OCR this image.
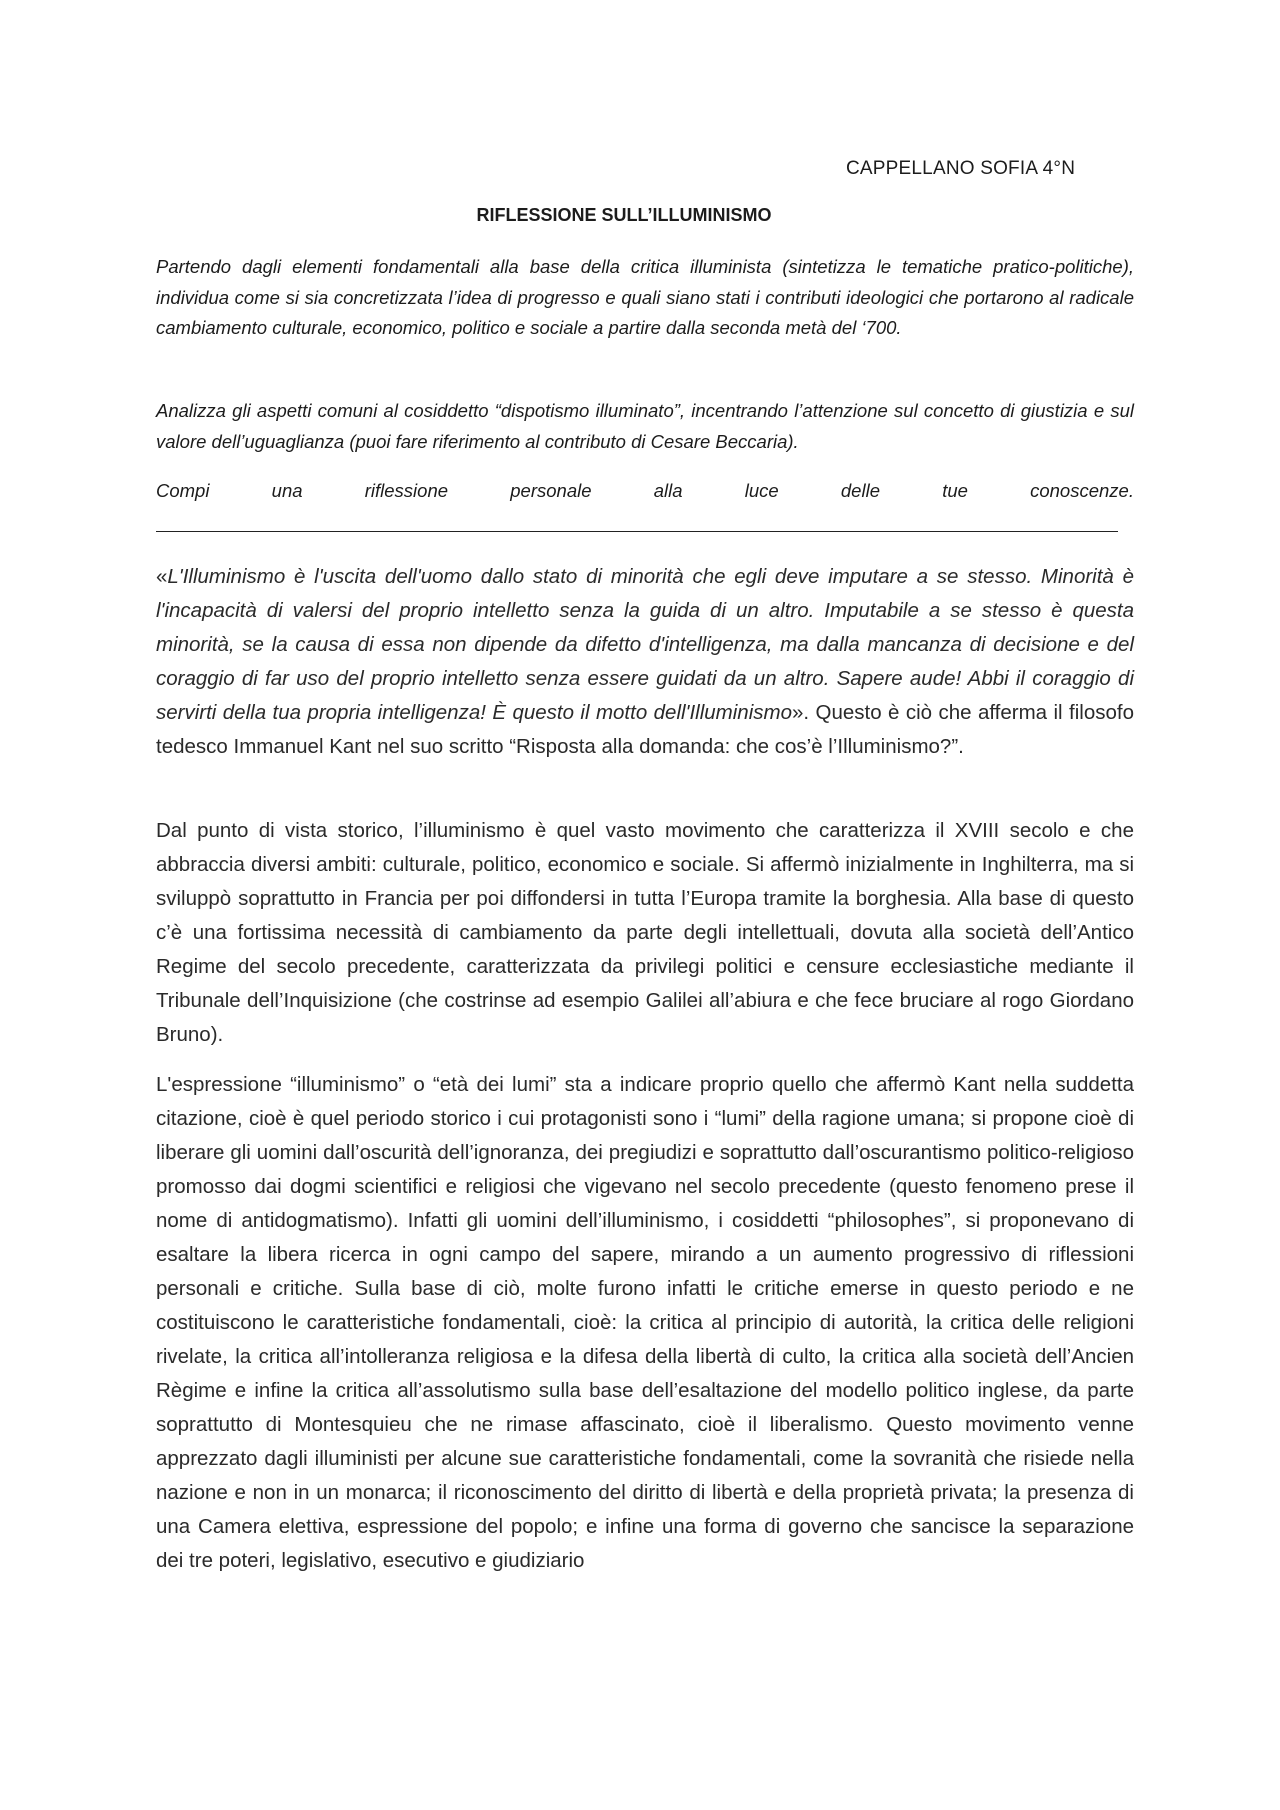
CAPPELLANO SOFIA 4°N
RIFLESSIONE SULL’ILLUMINISMO

Partendo dagli elementi fondamentali alla base della critica illuminista (sintetizza le tematiche pratico-politiche), individua come si sia concretizzata l’idea di progresso e quali siano stati i contributi ideologici che portarono al radicale cambiamento culturale, economico, politico e sociale a partire dalla seconda metà del ‘700.

Analizza gli aspetti comuni al cosiddetto “dispotismo illuminato”, incentrando l’attenzione sul concetto di giustizia e sul valore dell’uguaglianza (puoi fare riferimento al contributo di Cesare Beccaria).

Compi	una	riflessione	personale	alla	luce	delle	tue	conoscenze.

«L'Illuminismo è l'uscita dell'uomo dallo stato di minorità che egli deve imputare a se stesso. Minorità è l'incapacità di valersi del proprio intelletto senza la guida di un altro. Imputabile a se stesso è questa minorità, se la causa di essa non dipende da difetto d'intelligenza, ma dalla mancanza di decisione e del coraggio di far uso del proprio intelletto senza essere guidati da un altro. Sapere aude! Abbi il coraggio di servirti della tua propria intelligenza! È questo il motto dell'Illuminismo». Questo è ciò che afferma il filosofo tedesco Immanuel Kant nel suo scritto “Risposta alla domanda: che cos’è l’Illuminismo?”.

Dal punto di vista storico, l’illuminismo è quel vasto movimento che caratterizza il XVIII secolo e che abbraccia diversi ambiti: culturale, politico, economico e sociale. Si affermò inizialmente in Inghilterra, ma si sviluppò soprattutto in Francia per poi diffondersi in tutta l’Europa tramite la borghesia. Alla base di questo c’è una fortissima necessità di cambiamento da parte degli intellettuali, dovuta alla società dell’Antico Regime del secolo precedente, caratterizzata da privilegi politici e censure ecclesiastiche mediante il Tribunale dell’Inquisizione (che costrinse ad esempio Galilei all’abiura e che fece bruciare al rogo Giordano Bruno).

L'espressione “illuminismo” o “età dei lumi” sta a indicare proprio quello che affermò Kant nella suddetta citazione, cioè è quel periodo storico i cui protagonisti sono i “lumi” della ragione umana; si propone cioè di liberare gli uomini dall’oscurità dell’ignoranza, dei pregiudizi e soprattutto dall’oscurantismo politico-religioso promosso dai dogmi scientifici e religiosi che vigevano nel secolo precedente (questo fenomeno prese il nome di antidogmatismo). Infatti gli uomini dell’illuminismo, i cosiddetti “philosophes”, si proponevano di esaltare la libera ricerca in ogni campo del sapere, mirando a un aumento progressivo di riflessioni personali e critiche. Sulla base di ciò, molte furono infatti le critiche emerse in questo periodo e ne costituiscono le caratteristiche fondamentali, cioè: la critica al principio di autorità, la critica delle religioni rivelate, la critica all’intolleranza religiosa e la difesa della libertà di culto, la critica alla società dell’Ancien Règime e infine la critica all’assolutismo sulla base dell’esaltazione del modello politico inglese, da parte soprattutto di Montesquieu che ne rimase affascinato, cioè il liberalismo. Questo movimento venne apprezzato dagli illuministi per alcune sue caratteristiche fondamentali, come la sovranità che risiede nella nazione e non in un monarca; il riconoscimento del diritto di libertà e della proprietà privata; la presenza di una Camera elettiva, espressione del popolo; e infine una forma di governo che sancisce la separazione dei tre poteri, legislativo, esecutivo e giudiziario
